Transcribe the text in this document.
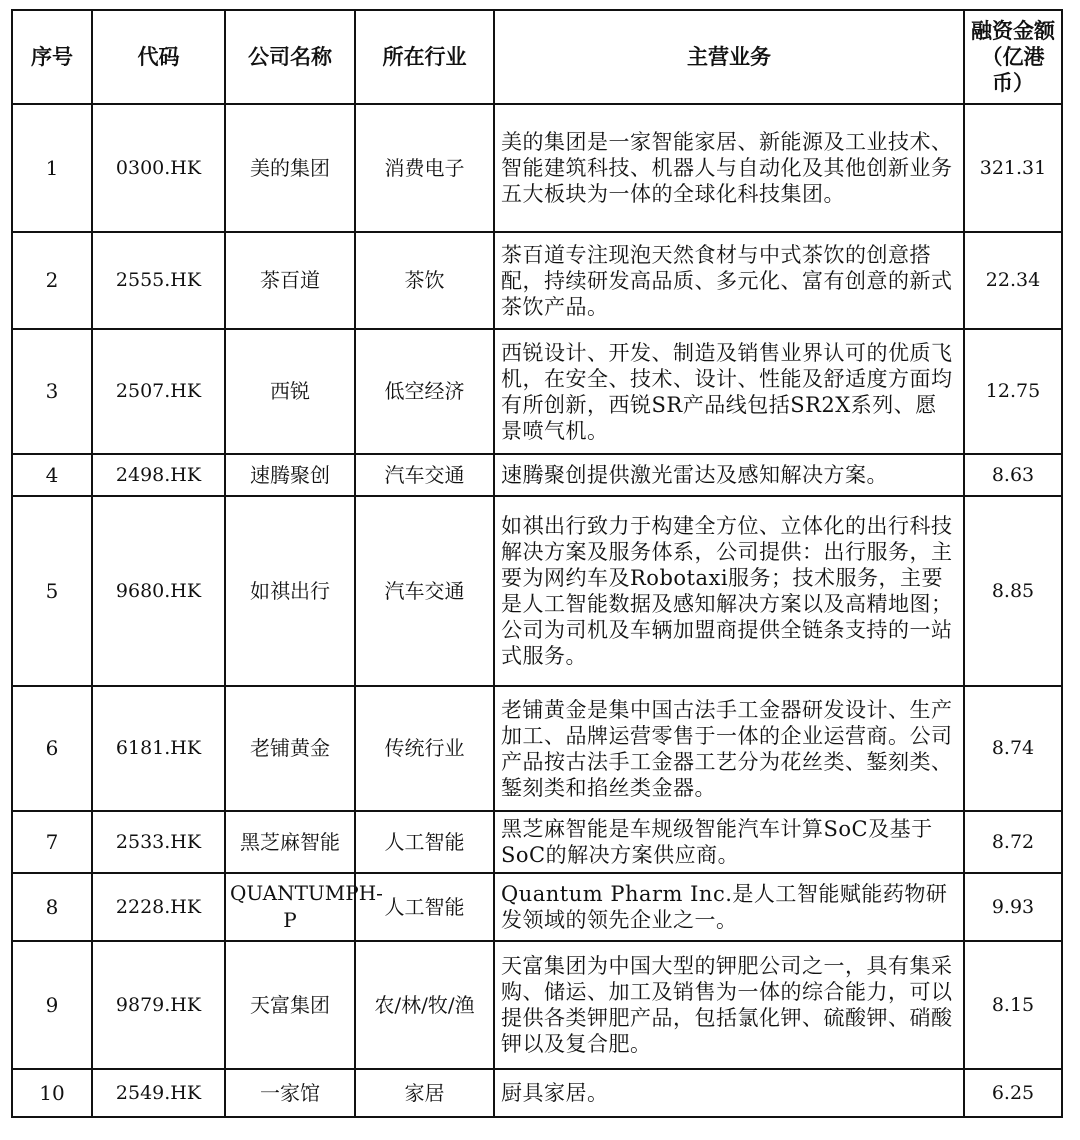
序号	代码	公司名称	所在行业	主营业务	融资金额（亿港币）
1	0300.HK	美的集团	消费电子	美的集团是一家智能家居、新能源及工业技术、智能建筑科技、机器人与自动化及其他创新业务五大板块为一体的全球化科技集团。	321.31
2	2555.HK	茶百道	茶饮	茶百道专注现泡天然食材与中式茶饮的创意搭配，持续研发高品质、多元化、富有创意的新式茶饮产品。	22.34
3	2507.HK	西锐	低空经济	西锐设计、开发、制造及销售业界认可的优质飞机，在安全、技术、设计、性能及舒适度方面均有所创新，西锐SR产品线包括SR2X系列、愿景喷气机。	12.75
4	2498.HK	速腾聚创	汽车交通	速腾聚创提供激光雷达及感知解决方案。	8.63
5	9680.HK	如祺出行	汽车交通	如祺出行致力于构建全方位、立体化的出行科技解决方案及服务体系，公司提供：出行服务，主要为网约车及Robotaxi服务；技术服务，主要是人工智能数据及感知解决方案以及高精地图；公司为司机及车辆加盟商提供全链条支持的一站式服务。	8.85
6	6181.HK	老铺黄金	传统行业	老铺黄金是集中国古法手工金器研发设计、生产加工、品牌运营零售于一体的企业运营商。公司产品按古法手工金器工艺分为花丝类、錾刻类、錾刻类和掐丝类金器。	8.74
7	2533.HK	黑芝麻智能	人工智能	黑芝麻智能是车规级智能汽车计算SoC及基于SoC的解决方案供应商。	8.72
8	2228.HK	QUANTUMPH-P	人工智能	Quantum Pharm Inc.是人工智能赋能药物研发领域的领先企业之一。	9.93
9	9879.HK	天富集团	农/林/牧/渔	天富集团为中国大型的钾肥公司之一，具有集采购、储运、加工及销售为一体的综合能力，可以提供各类钾肥产品，包括氯化钾、硫酸钾、硝酸钾以及复合肥。	8.15
10	2549.HK	一家馆	家居	厨具家居。	6.25
